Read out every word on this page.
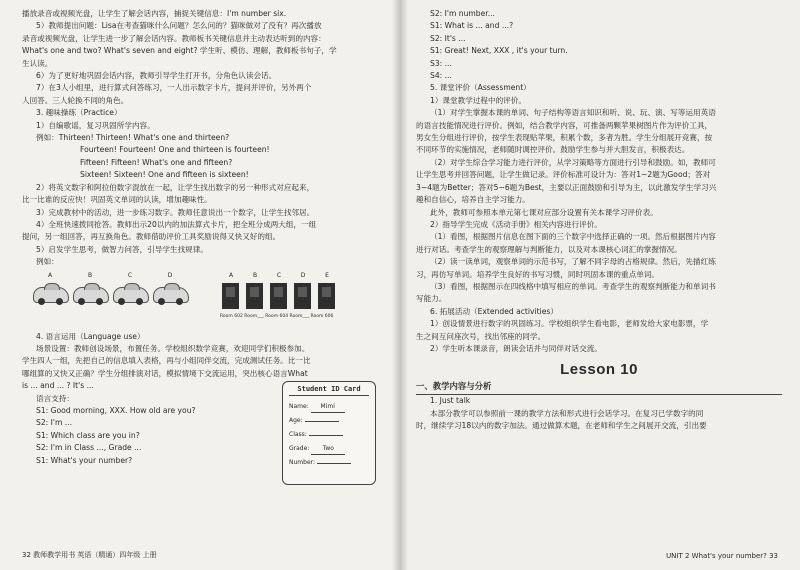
播放录音或视频光盘，让学生了解会话内容，捕捉关键信息：I'm number six.

5）教师提出问题：Lisa在考查猫咪什么问题？怎么问的？猫咪做对了没有？再次播放

录音或视频光盘，让学生进一步了解会话内容。教师板书关键信息并主动表达听到的内容：

What's one and two? What's seven and eight? 学生听、模仿、理解，教师板书句子，学

生认读。

6）为了更好地巩固会话内容，教师引导学生打开书，分角色认读会话。

7）在3人小组里，进行算式问答练习，一人出示数字卡片，提问并评价，另外两个

人回答。三人轮换不同的角色。

3. 趣味操练（Practice）

1）自编歌谣，复习巩固所学内容。

例如：Thirteen! Thirteen! What's one and thirteen?

Fourteen! Fourteen! One and thirteen is fourteen!

Fifteen! Fifteen! What's one and fifteen?

Sixteen! Sixteen! One and fifteen is sixteen!

2）将英文数字和阿拉伯数字混放在一起，让学生找出数字的另一种形式对应起来，

比一比谁的反应快！巩固英文单词的认读，增加趣味性。

3）完成教材中的活动，进一步练习数字。教师任意说出一个数字，让学生找邻居。

4）全班快速拨同抢答。教师出示20以内的加法算式卡片，把全班分成两大组，一组

提问，另一组回答，再互换角色。教师借助评价工具奖励说得又快又好的组。

5）启发学生思考，做智力问答，引导学生找规律。

例如：

A	B	C	D	A	B	C	D	E
Room 602 Room___ Room 604 Room___ Room 606

4. 语言运用（Language use）

场景设置：教师创设场景，布置任务。学校组织数学竞赛，欢迎同学们积极参加。

学生四人一组，先把自己的信息填入表格，再与小组同伴交流，完成测试任务。比一比

哪组算的又快又正确？学生分组排演对话，模拟情境下交流运用，突出核心语言What

is ... and ... ? It's ...

语言支持：

S1: Good morning, XXX. How old are you?

S2: I'm ...

S1: Which class are you in?

S2: I'm in Class ..., Grade ...

S1: What's your number?

Student ID Card
Name: Mimi
Age:
Class:
Grade: Two
Number:
32 教师教学用书 英语（精通）四年级 上册

S2: I'm number...

S1: What is ... and ...?

S2: It's ...

S1: Great! Next, XXX , it's your turn.

S3: ...

S4: ...

5. 课堂评价（Assessment）

1）课堂教学过程中的评价。

（1）对学生掌握本课的单词、句子结构等语言知识和听、说、玩、演、写等运用英语

的语言技能情况进行评价。例如，结合教学内容，可推备两颗苹果树图片作为评价工具，

男女生分组进行评价，按学生表现贴苹果，积累个数，多者为胜。学生分组展开竞赛，按

不同环节的实施情况，老师随时调控评价。鼓励学生参与并大胆发言，积极表达。

（2）对学生综合学习能力进行评价，从学习策略等方面进行引导和鼓励。如，教师可

让学生思考并回答问题，让学生做记录。评价标准可设计为：答对1~2题为Good；答对

3~4题为Better；答对5~6题为Best，主要以正面鼓励和引导为主，以此激发学生学习兴

趣和自信心，培养自主学习能力。

此外，教师可参照本单元第七课对应部分设置有关本课学习评价表。

2）指导学生完成《活动手册》相关内容进行评价。

（1）看图，根据图片信息在图下面的三个数字中选择正确的一项。然后根据图片内容

进行对话。考查学生的观察理解与判断能力，以及对本课核心词汇的掌握情况。

（2）读一读单词，观察单词的示范书写，了解不同字母的占格规律。然后，先描红练

习，再仿写单词。培养学生良好的书写习惯，同时巩固本课的重点单词。

（3）看图，根据图示在四线格中填写相应的单词。考查学生的观察判断能力和单词书

写能力。

6. 拓展活动（Extended activities）

1）创设情景进行数字的巩固练习。学校组织学生看电影，老师发给大家电影票，学

生之间互问座次号，找出邻座的同学。

2）学生听本课录音，朗读会话并与同伴对话交流。

Lesson 10
一、教学内容与分析

1. Just talk

本部分教学可以参照前一课的教学方法和形式进行会话学习。在复习已学数字的同

时，继续学习18以内的数字加法。通过做算术题，在老师和学生之间展开交流，引出要

UNIT 2 What's your number? 33
